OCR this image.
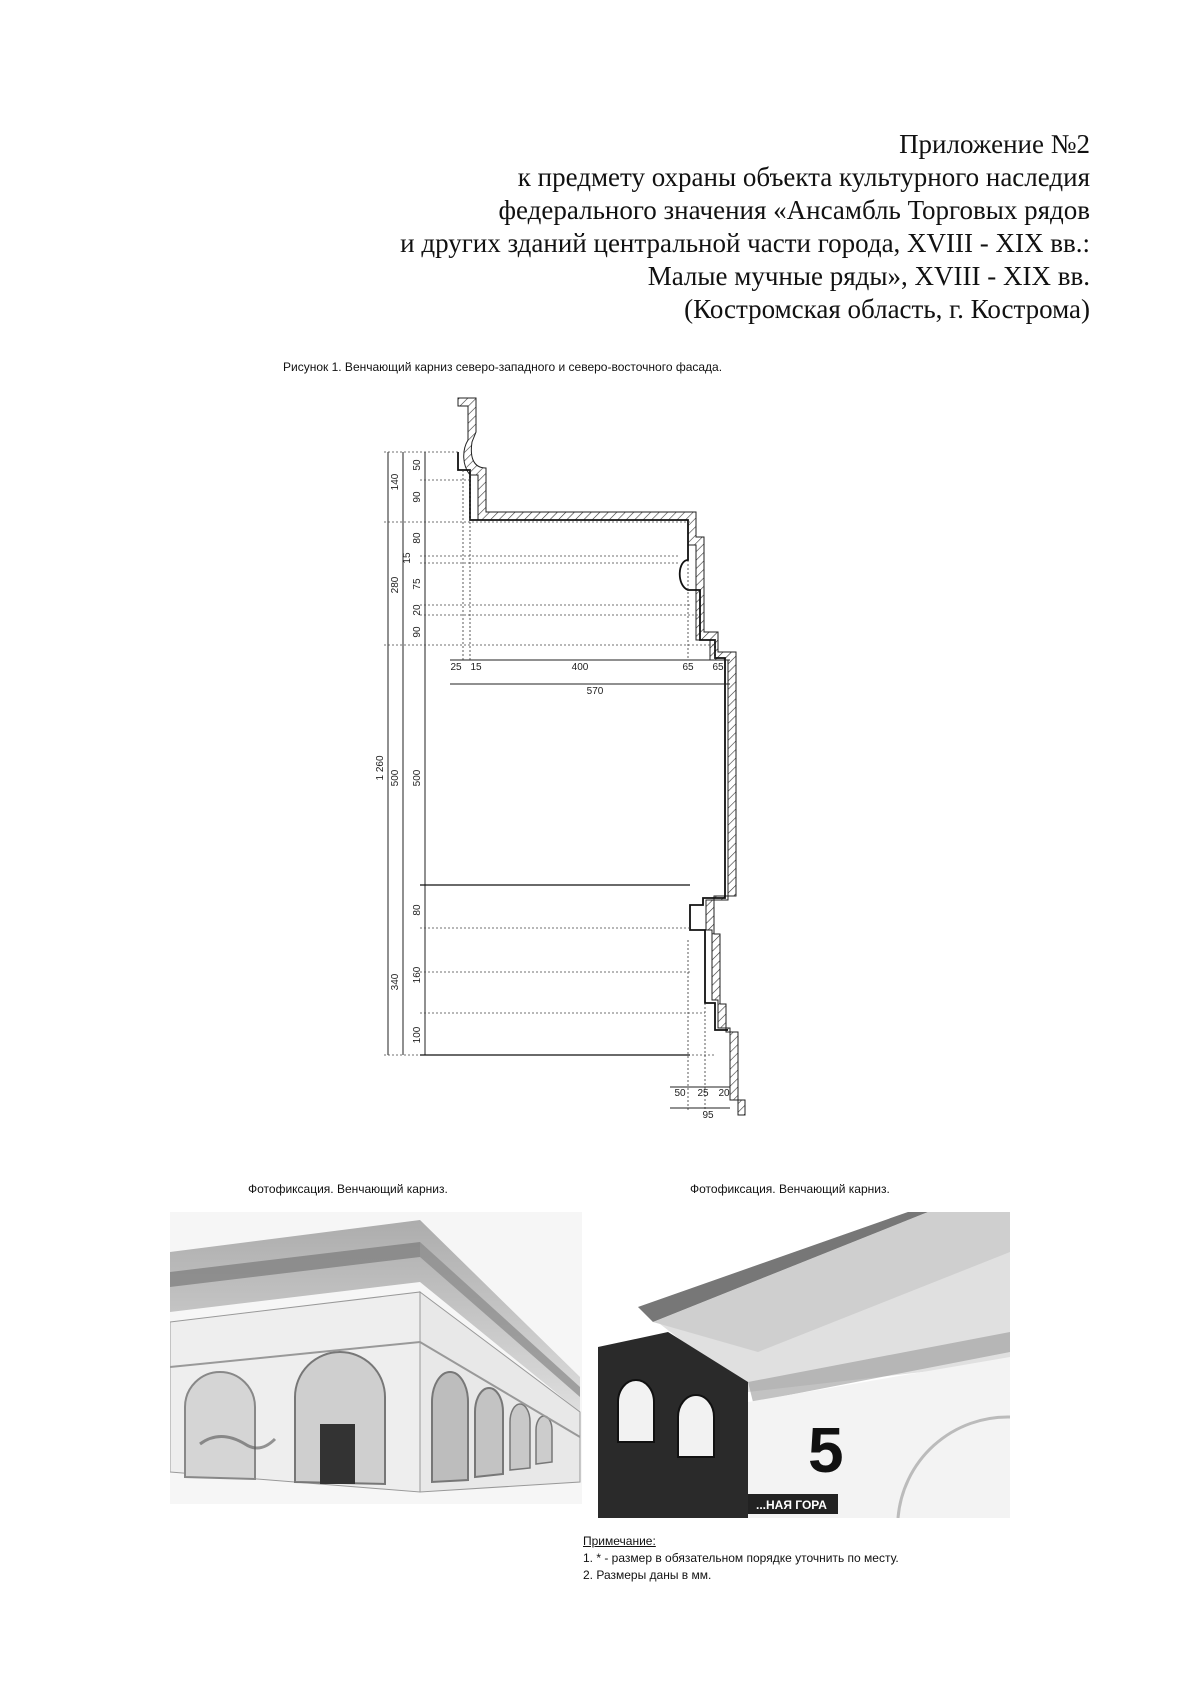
Приложение №2
к предмету охраны объекта культурного наследия
федерального значения «Ансамбль Торговых рядов
и других зданий центральной части города, XVIII - XIX вв.:
Малые мучные ряды», XVIII - XIX вв.
(Костромская область, г. Кострома)
Рисунок 1. Венчающий карниз северо-западного и северо-восточного фасада.
1 260
140
280
500
340
50
90
80
15
75
20
90
500
80
160
100
25 15	400	65 65
570
50 25 20
95
Фотофиксация. Венчающий карниз.	Фотофиксация. Венчающий карниз.
5
...НАЯ ГОРА
Примечание:
1. * - размер в обязательном порядке уточнить по месту.
2. Размеры даны в мм.
